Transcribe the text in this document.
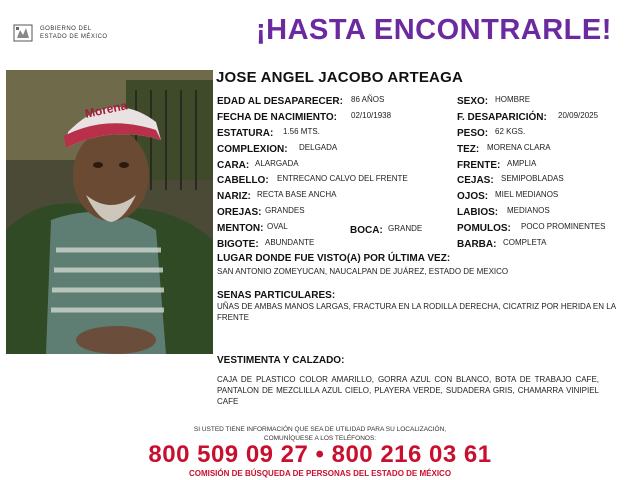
GOBIERNO DEL
ESTADO DE MÉXICO	¡HASTA ENCONTRARLE!
Morena
JOSE ANGEL JACOBO ARTEAGA
EDAD AL DESAPARECER: 86 AÑOS
FECHA DE NACIMIENTO: 02/10/1938
ESTATURA: 1.56 MTS.
COMPLEXION: DELGADA
CARA: ALARGADA
CABELLO: ENTRECANO CALVO DEL FRENTE
NARIZ: RECTA BASE ANCHA
OREJAS: GRANDES
MENTON: OVAL	BOCA: GRANDE
BIGOTE: ABUNDANTE
SEXO: HOMBRE
F. DESAPARICIÓN: 20/09/2025
PESO: 62 KGS.
TEZ: MORENA CLARA
FRENTE: AMPLIA
CEJAS: SEMIPOBLADAS
OJOS: MIEL MEDIANOS
LABIOS: MEDIANOS
POMULOS: POCO PROMINENTES
BARBA: COMPLETA
LUGAR DONDE FUE VISTO(A) POR ÚLTIMA VEZ:
SAN ANTONIO ZOMEYUCAN, NAUCALPAN DE JUÁREZ, ESTADO DE MEXICO
SENAS PARTICULARES:
UÑAS DE AMBAS MANOS LARGAS, FRACTURA EN LA RODILLA DERECHA, CICATRIZ POR HERIDA EN LA FRENTE
VESTIMENTA Y CALZADO:
CAJA DE PLASTICO COLOR AMARILLO, GORRA AZUL CON BLANCO, BOTA DE TRABAJO CAFE, PANTALON DE MEZCLILLA AZUL CIELO, PLAYERA VERDE, SUDADERA GRIS, CHAMARRA VINIPIEL CAFE
SI USTED TIENE INFORMACIÓN QUE SEA DE UTILIDAD PARA SU LOCALIZACIÓN,
COMUNÍQUESE A LOS TELÉFONOS:
800 509 09 27 • 800 216 03 61
COMISIÓN DE BÚSQUEDA DE PERSONAS DEL ESTADO DE MÉXICO
